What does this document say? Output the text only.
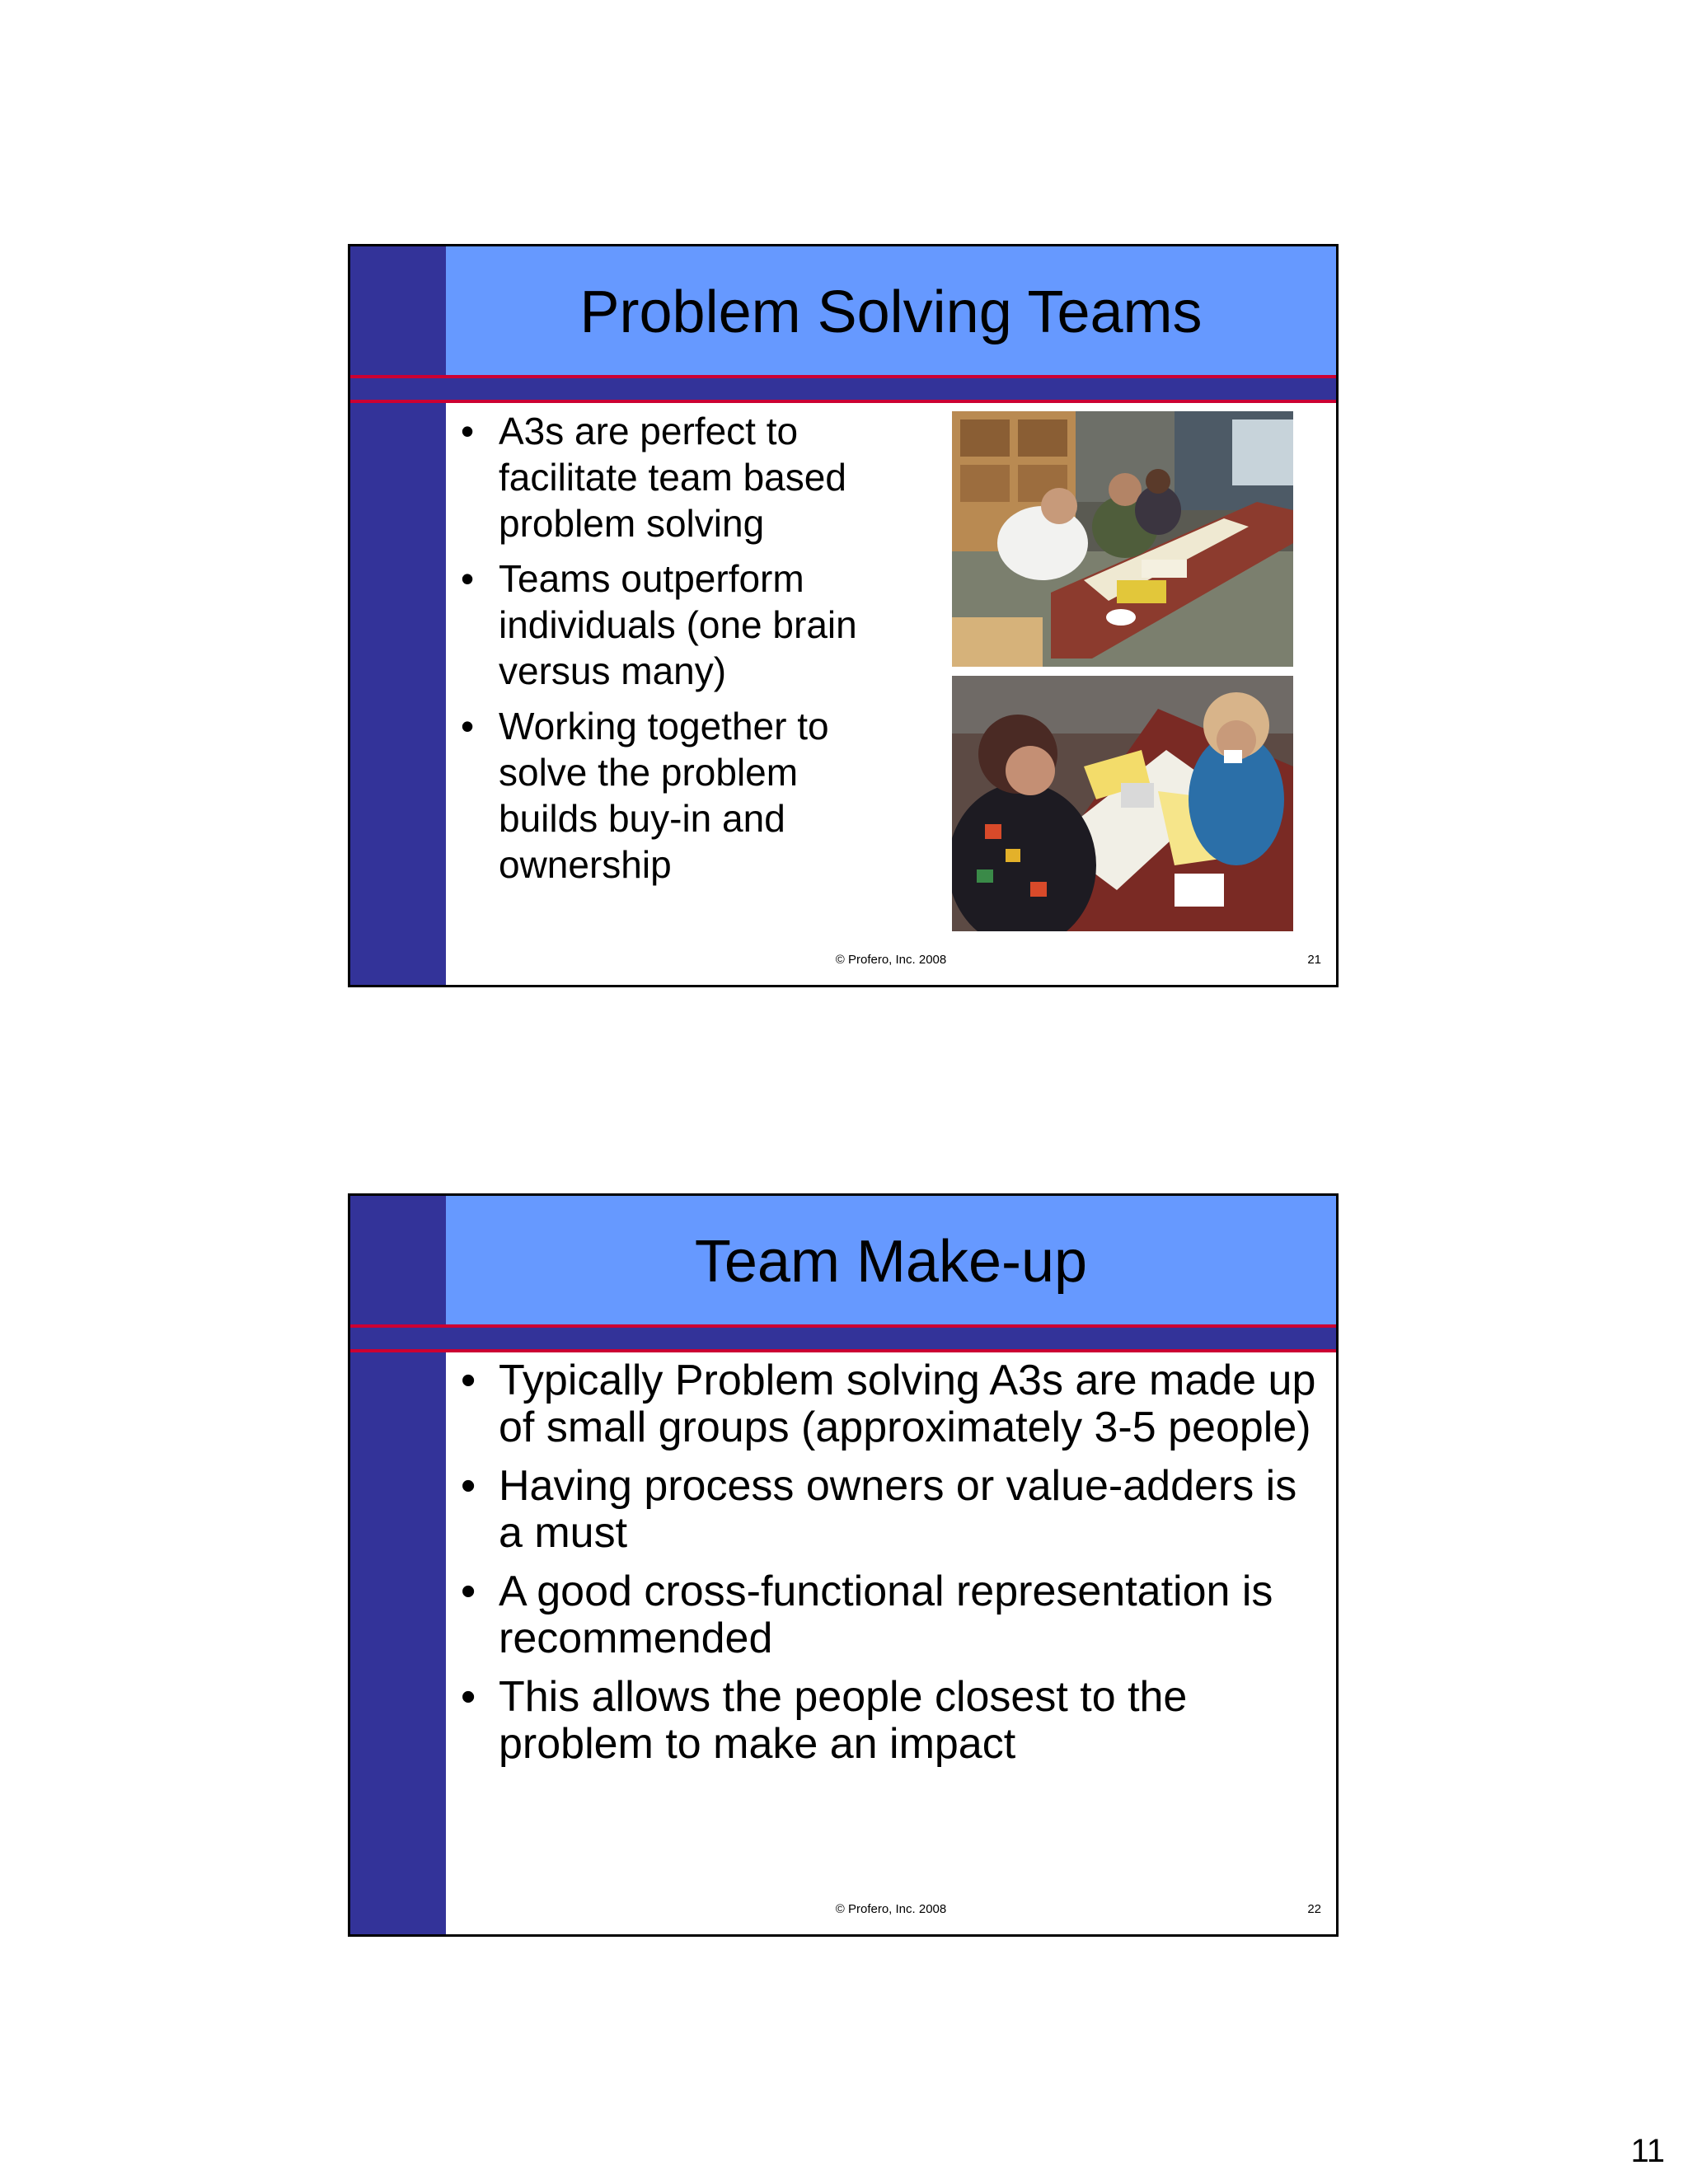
Problem Solving Teams
• A3s are perfect to facilitate team based problem solving
• Teams outperform individuals (one brain versus many)
• Working together to solve the problem builds buy-in and ownership
© Profero, Inc. 2008	21
Team Make-up
• Typically Problem solving A3s are made up of small groups (approximately 3-5 people)
• Having process owners or value-adders is a must
• A good cross-functional representation is recommended
• This allows the people closest to the problem to make an impact
© Profero, Inc. 2008	22
11
